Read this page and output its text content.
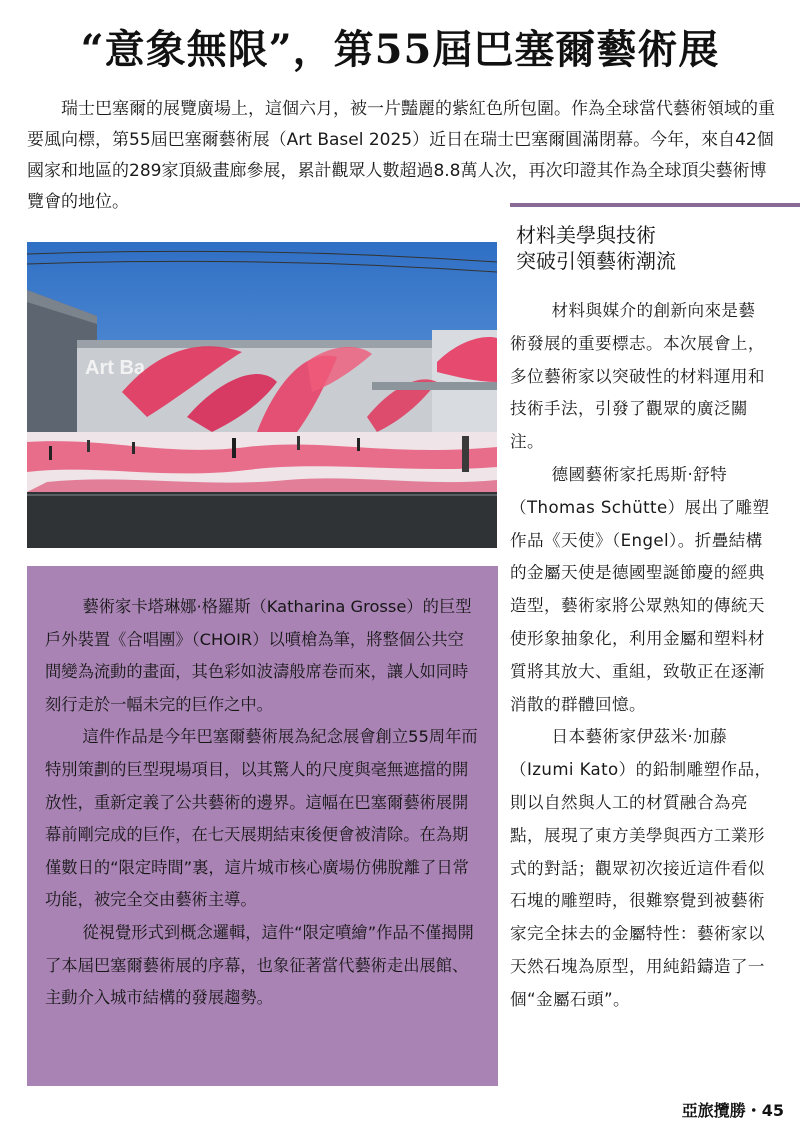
“意象無限”，第55屆巴塞爾藝術展

瑞士巴塞爾的展覽廣場上，這個六月，被一片豔麗的紫紅色所包圍。作為全球當代藝術領域的重要風向標，第55屆巴塞爾藝術展（Art Basel 2025）近日在瑞士巴塞爾圓滿閉幕。今年，來自42個國家和地區的289家頂級畫廊參展，累計觀眾人數超過8.8萬人次，再次印證其作為全球頂尖藝術博覽會的地位。

Art Ba

藝術家卡塔琳娜·格羅斯（Katharina Grosse）的巨型戶外裝置《合唱團》（CHOIR）以噴槍為筆，將整個公共空間變為流動的畫面，其色彩如波濤般席卷而來，讓人如同時刻行走於一幅未完的巨作之中。

這件作品是今年巴塞爾藝術展為紀念展會創立55周年而特別策劃的巨型現場項目，以其驚人的尺度與毫無遮擋的開放性，重新定義了公共藝術的邊界。這幅在巴塞爾藝術展開幕前剛完成的巨作，在七天展期結束後便會被清除。在為期僅數日的“限定時間”裏，這片城市核心廣場仿佛脫離了日常功能，被完全交由藝術主導。

從視覺形式到概念邏輯，這件“限定噴繪”作品不僅揭開了本屆巴塞爾藝術展的序幕，也象征著當代藝術走出展館、主動介入城市結構的發展趨勢。

材料美學與技術
突破引領藝術潮流

材料與媒介的創新向來是藝術發展的重要標志。本次展會上，多位藝術家以突破性的材料運用和技術手法，引發了觀眾的廣泛關注。

德國藝術家托馬斯·舒特（Thomas Schütte）展出了雕塑作品《天使》（Engel）。折疊結構的金屬天使是德國聖誕節慶的經典造型，藝術家將公眾熟知的傳統天使形象抽象化，利用金屬和塑料材質將其放大、重組，致敬正在逐漸消散的群體回憶。

日本藝術家伊茲米·加藤（Izumi Kato）的鉛制雕塑作品，則以自然與人工的材質融合為亮點，展現了東方美學與西方工業形式的對話；觀眾初次接近這件看似石塊的雕塑時，很難察覺到被藝術家完全抹去的金屬特性：藝術家以天然石塊為原型，用純鉛鑄造了一個“金屬石頭”。

亞旅攬勝・45
